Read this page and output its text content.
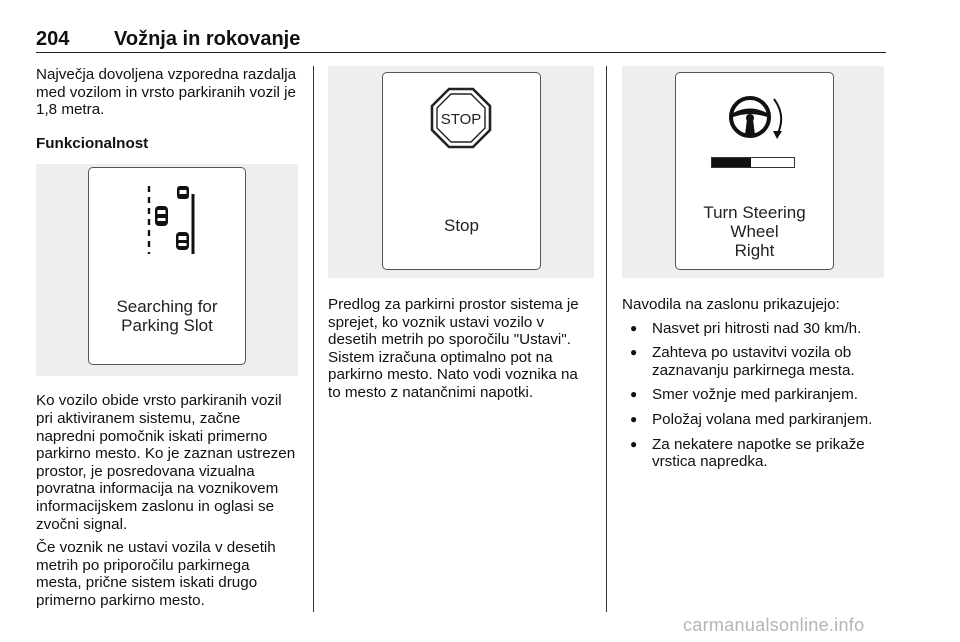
204 Vožnja in rokovanje

Največja dovoljena vzporedna razdalja med vozilom in vrsto parkiranih vozil je 1,8 metra.

Funkcionalnost

Searching for
Parking Slot

Ko vozilo obide vrsto parkiranih vozil pri aktiviranem sistemu, začne napredni pomočnik iskati primerno parkirno mesto. Ko je zaznan ustrezen prostor, je posredovana vizualna povratna informacija na voznikovem informacijskem zaslonu in oglasi se zvočni signal.

Če voznik ne ustavi vozila v desetih metrih po priporočilu parkirnega mesta, prične sistem iskati drugo primerno parkirno mesto.

STOP
Stop

Predlog za parkirni prostor sistema je sprejet, ko voznik ustavi vozilo v desetih metrih po sporočilu "Ustavi". Sistem izračuna optimalno pot na parkirno mesto. Nato vodi voznika na to mesto z natančnimi napotki.

Turn Steering
Wheel
Right

Navodila na zaslonu prikazujejo:

● Nasvet pri hitrosti nad 30 km/h.
● Zahteva po ustavitvi vozila ob zaznavanju parkirnega mesta.
● Smer vožnje med parkiranjem.
● Položaj volana med parkiranjem.
● Za nekatere napotke se prikaže vrstica napredka.
carmanualsonline.info
